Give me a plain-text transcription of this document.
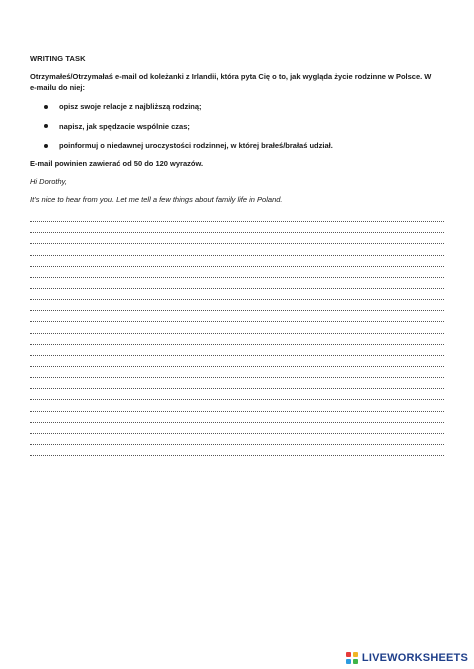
WRITING TASK
Otrzymałeś/Otrzymałaś e-mail od koleżanki z Irlandii, która pyta Cię o to, jak wygląda życie rodzinne w Polsce. W e-mailu do niej:
opisz swoje relacje z najbliższą rodziną;
napisz, jak spędzacie wspólnie czas;
poinformuj o niedawnej uroczystości rodzinnej, w której brałeś/brałaś udział.
E-mail powinien zawierać od 50 do 120 wyrazów.
Hi Dorothy,
It’s nice to hear from you. Let me tell a few things about family life in Poland.
LIVEWORKSHEETS
